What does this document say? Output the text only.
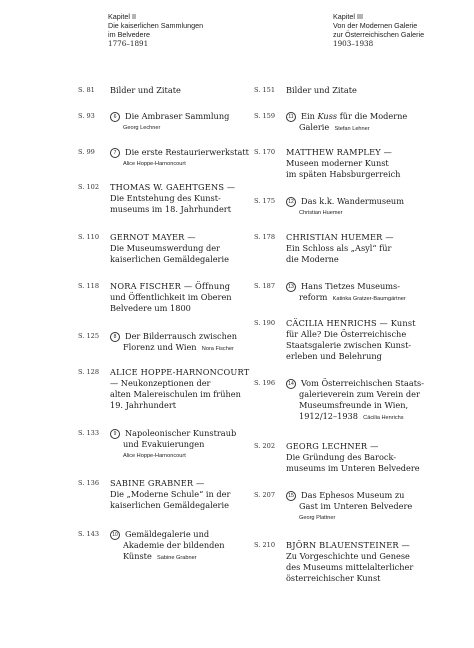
Kapitel II
Die kaiserlichen Sammlungen
im Belvedere
1776–1891
Kapitel III
Von der Modernen Galerie
zur Österreichischen Galerie
1903–1938
S. 81	Bilder und Zitate
S. 93	6 Die Ambraser Sammlung
Georg Lechner
S. 99	7 Die erste Restaurierwerkstatt
Alice Hoppe-Harnoncourt
S. 102	THOMAS W. GAEHTGENS —
Die Entstehung des Kunst-
museums im 18. Jahrhundert
S. 110	GERNOT MAYER —
Die Museumswerdung der
kaiserlichen Gemäldegalerie
S. 118	NORA FISCHER — Öffnung
und Öffentlichkeit im Oberen
Belvedere um 1800
S. 125	8 Der Bilderrausch zwischen
Florenz und Wien Nora Fischer
S. 128	ALICE HOPPE-HARNONCOURT
— Neukonzeptionen der
alten Malereischulen im frühen
19. Jahrhundert
S. 133	9 Napoleonischer Kunstraub
und Evakuierungen
Alice Hoppe-Harnoncourt
S. 136	SABINE GRABNER —
Die „Moderne Schule“ in der
kaiserlichen Gemäldegalerie
S. 143	10 Gemäldegalerie und
Akademie der bildenden
Künste Sabine Grabner
S. 151	Bilder und Zitate
S. 159	11 Ein Kuss für die Moderne
Galerie Stefan Lehner
S. 170	MATTHEW RAMPLEY —
Museen moderner Kunst
im späten Habsburgerreich
S. 175	12 Das k.k. Wandermuseum
Christian Huemer
S. 178	CHRISTIAN HUEMER —
Ein Schloss als „Asyl“ für
die Moderne
S. 187	13 Hans Tietzes Museums-
reform Katinka Gratzer-Baumgärtner
S. 190	CÄCILIA HENRICHS — Kunst
für Alle? Die Österreichische
Staatsgalerie zwischen Kunst-
erleben und Belehrung
S. 196	14 Vom Österreichischen Staats-
galerieverein zum Verein der
Museumsfreunde in Wien,
1912/12–1938 Cäcilia Henrichs
S. 202	GEORG LECHNER —
Die Gründung des Barock-
museums im Unteren Belvedere
S. 207	15 Das Ephesos Museum zu
Gast im Unteren Belvedere
Georg Plattner
S. 210	BJÖRN BLAUENSTEINER —
Zu Vorgeschichte und Genese
des Museums mittelalterlicher
österreichischer Kunst
